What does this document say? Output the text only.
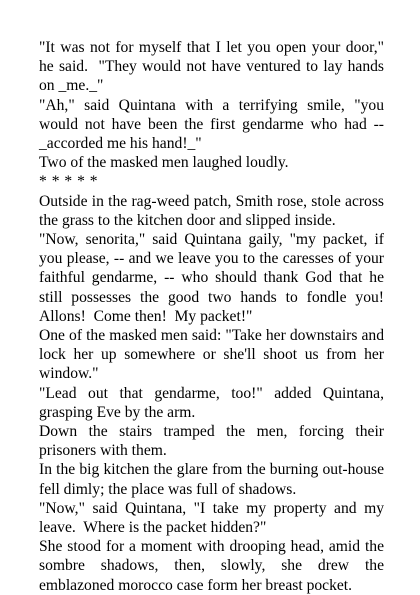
"It was not for myself that I let you open your door," he said.  "They would not have ventured to lay hands on _me._"

"Ah," said Quintana with a terrifying smile, "you would not have been the first gendarme who had -- _accorded me his hand!_"

Two of the masked men laughed loudly.

* * * * *

Outside in the rag-weed patch, Smith rose, stole across the grass to the kitchen door and slipped inside.

"Now, senorita," said Quintana gaily, "my packet, if you please, -- and we leave you to the caresses of your faithful gendarme, -- who should thank God that he still possesses the good two hands to fondle you! Allons!  Come then!  My packet!"

One of the masked men said: "Take her downstairs and lock her up somewhere or she'll shoot us from her window."

"Lead out that gendarme, too!" added Quintana, grasping Eve by the arm.

Down the stairs tramped the men, forcing their prisoners with them.

In the big kitchen the glare from the burning out-house fell dimly; the place was full of shadows.

"Now," said Quintana, "I take my property and my leave.  Where is the packet hidden?"

She stood for a moment with drooping head, amid the sombre shadows, then, slowly, she drew the emblazoned morocco case form her breast pocket.
